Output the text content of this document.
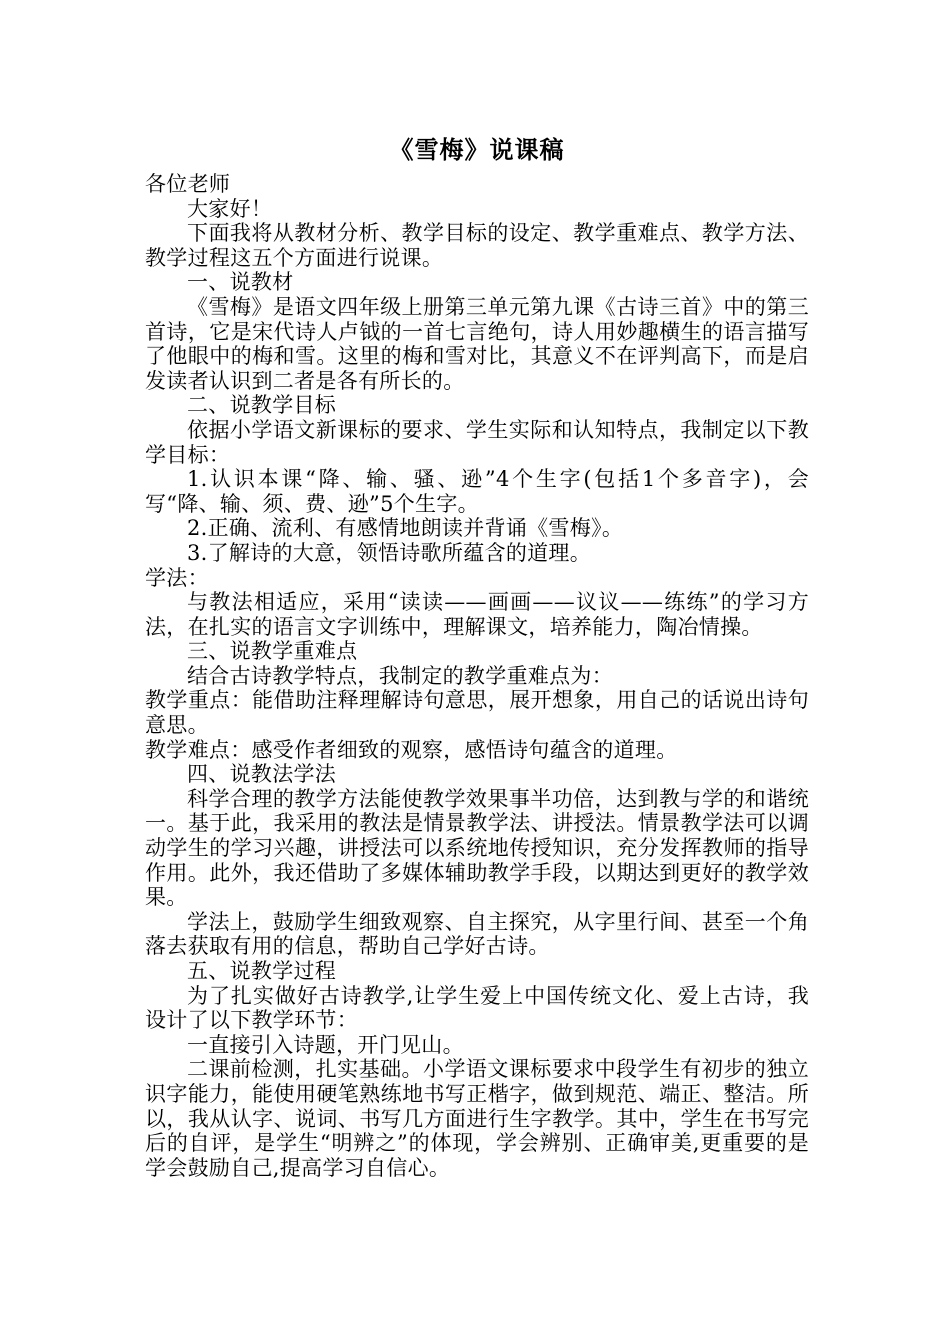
《雪梅》说课稿

各位老师

大家好！

下面我将从教材分析、教学目标的设定、教学重难点、教学方法、教学过程这五个方面进行说课。

一、说教材

《雪梅》是语文四年级上册第三单元第九课《古诗三首》中的第三首诗，它是宋代诗人卢钺的一首七言绝句，诗人用妙趣横生的语言描写了他眼中的梅和雪。这里的梅和雪对比，其意义不在评判高下，而是启发读者认识到二者是各有所长的。

二、说教学目标

依据小学语文新课标的要求、学生实际和认知特点，我制定以下教学目标：

1.认识本课“降、输、骚、逊”4个生字(包括1个多音字)，会写“降、输、须、费、逊”5个生字。

2.正确、流利、有感情地朗读并背诵《雪梅》。

3.了解诗的大意，领悟诗歌所蕴含的道理。

学法：

与教法相适应，采用“读读——画画——议议——练练”的学习方法，在扎实的语言文字训练中，理解课文，培养能力，陶冶情操。

三、说教学重难点

结合古诗教学特点，我制定的教学重难点为：

教学重点：能借助注释理解诗句意思，展开想象，用自己的话说出诗句意思。

教学难点：感受作者细致的观察，感悟诗句蕴含的道理。

四、说教法学法

科学合理的教学方法能使教学效果事半功倍，达到教与学的和谐统一。基于此，我采用的教法是情景教学法、讲授法。情景教学法可以调动学生的学习兴趣，讲授法可以系统地传授知识，充分发挥教师的指导作用。此外，我还借助了多媒体辅助教学手段，以期达到更好的教学效果。

学法上，鼓励学生细致观察、自主探究，从字里行间、甚至一个角落去获取有用的信息，帮助自己学好古诗。

五、说教学过程

为了扎实做好古诗教学,让学生爱上中国传统文化、爱上古诗，我设计了以下教学环节：

一直接引入诗题，开门见山。

二课前检测，扎实基础。小学语文课标要求中段学生有初步的独立识字能力，能使用硬笔熟练地书写正楷字，做到规范、端正、整洁。所以，我从认字、说词、书写几方面进行生字教学。其中，学生在书写完后的自评，是学生“明辨之”的体现，学会辨别、正确审美,更重要的是学会鼓励自己,提高学习自信心。
